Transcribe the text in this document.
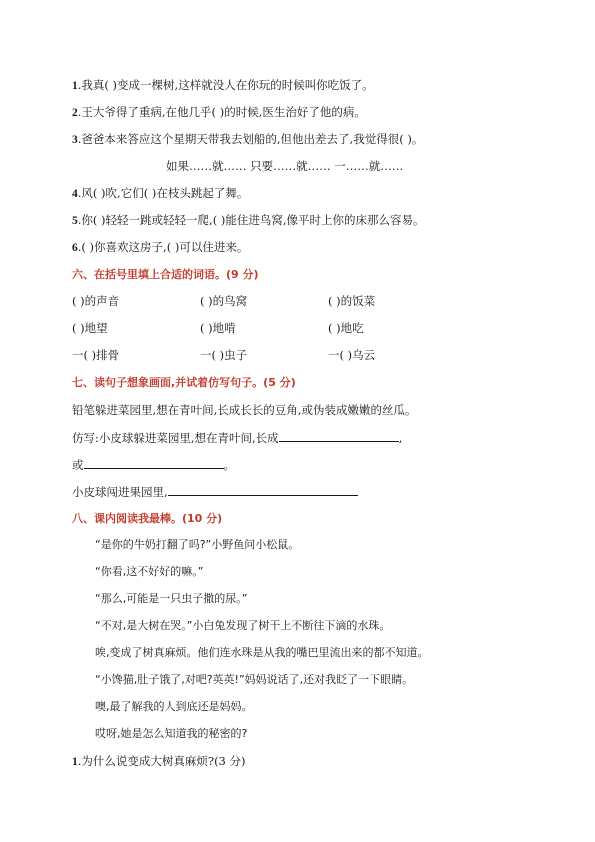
1.我真( )变成一棵树,这样就没人在你玩的时候叫你吃饭了。
2.王大爷得了重病,在他几乎( )的时候,医生治好了他的病。
3.爸爸本来答应这个星期天带我去划船的,但他出差去了,我觉得很( )。
如果……就…… 只要……就…… 一……就……
4.风( )吹,它们( )在枝头跳起了舞。
5.你( )轻轻一跳或轻轻一爬,( )能住进鸟窝,像平时上你的床那么容易。
6.( )你喜欢这房子,( )可以住进来。
六、在括号里填上合适的词语。(9 分)
( )的声音	( )的鸟窝	( )的饭菜
( )地望	( )地啃	( )地吃
一( )排骨	一( )虫子	一( )乌云
七、读句子想象画面,并试着仿写句子。(5 分)
铅笔躲进菜园里,想在青叶间,长成长长的豆角,或伪装成嫩嫩的丝瓜。
仿写:小皮球躲进菜园里,想在青叶间,长成	,
或	。
小皮球闯进果园里,
八、课内阅读我最棒。(10 分)
“是你的牛奶打翻了吗?”小野鱼问小松鼠。
“你看,这不好好的嘛。”
“那么,可能是一只虫子撒的尿。”
“不对,是大树在哭。”小白兔发现了树干上不断往下滴的水珠。
唉,变成了树真麻烦。他们连水珠是从我的嘴巴里流出来的都不知道。
“小馋猫,肚子饿了,对吧?英英!”妈妈说话了,还对我眨了一下眼睛。
噢,最了解我的人到底还是妈妈。
哎呀,她是怎么知道我的秘密的?
1.为什么说变成大树真麻烦?(3 分)
